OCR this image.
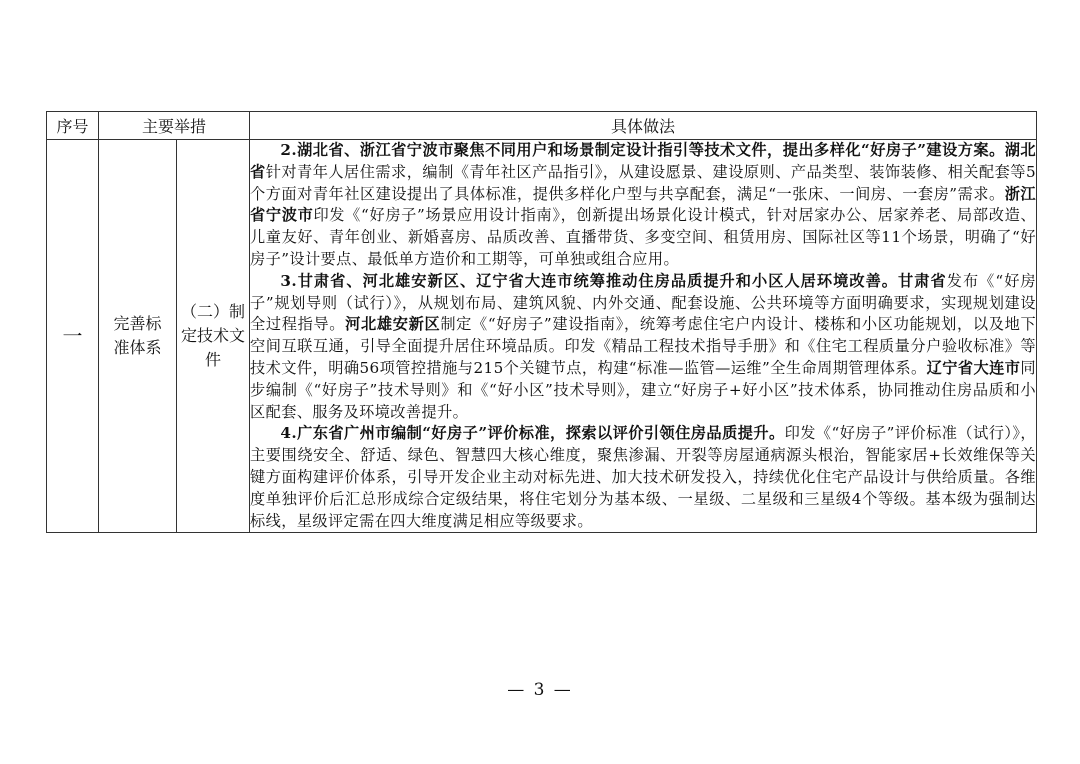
序号	主要举措		具体做法
一	完善标准体系	（二）制定技术文件	2.湖北省、浙江省宁波市聚焦不同用户和场景制定设计指引等技术文件，提出多样化“好房子”建设方案。湖北省针对青年人居住需求，编制《青年社区产品指引》，从建设愿景、建设原则、产品类型、装饰装修、相关配套等5个方面对青年社区建设提出了具体标准，提供多样化户型与共享配套，满足“一张床、一间房、一套房”需求。浙江省宁波市印发《“好房子”场景应用设计指南》，创新提出场景化设计模式，针对居家办公、居家养老、局部改造、儿童友好、青年创业、新婚喜房、品质改善、直播带货、多变空间、租赁用房、国际社区等11个场景，明确了“好房子”设计要点、最低单方造价和工期等，可单独或组合应用。

3.甘肃省、河北雄安新区、辽宁省大连市统筹推动住房品质提升和小区人居环境改善。甘肃省发布《“好房子”规划导则（试行）》，从规划布局、建筑风貌、内外交通、配套设施、公共环境等方面明确要求，实现规划建设全过程指导。河北雄安新区制定《“好房子”建设指南》，统筹考虑住宅户内设计、楼栋和小区功能规划，以及地下空间互联互通，引导全面提升居住环境品质。印发《精品工程技术指导手册》和《住宅工程质量分户验收标准》等技术文件，明确56项管控措施与215个关键节点，构建“标准—监管—运维”全生命周期管理体系。辽宁省大连市同步编制《“好房子”技术导则》和《“好小区”技术导则》，建立“好房子+好小区”技术体系，协同推动住房品质和小区配套、服务及环境改善提升。

4.广东省广州市编制“好房子”评价标准，探索以评价引领住房品质提升。印发《“好房子”评价标准（试行）》，主要围绕安全、舒适、绿色、智慧四大核心维度，聚焦渗漏、开裂等房屋通病源头根治，智能家居+长效维保等关键方面构建评价体系，引导开发企业主动对标先进、加大技术研发投入，持续优化住宅产品设计与供给质量。各维度单独评价后汇总形成综合定级结果，将住宅划分为基本级、一星级、二星级和三星级4个等级。基本级为强制达标线，星级评定需在四大维度满足相应等级要求。

— 3 —
